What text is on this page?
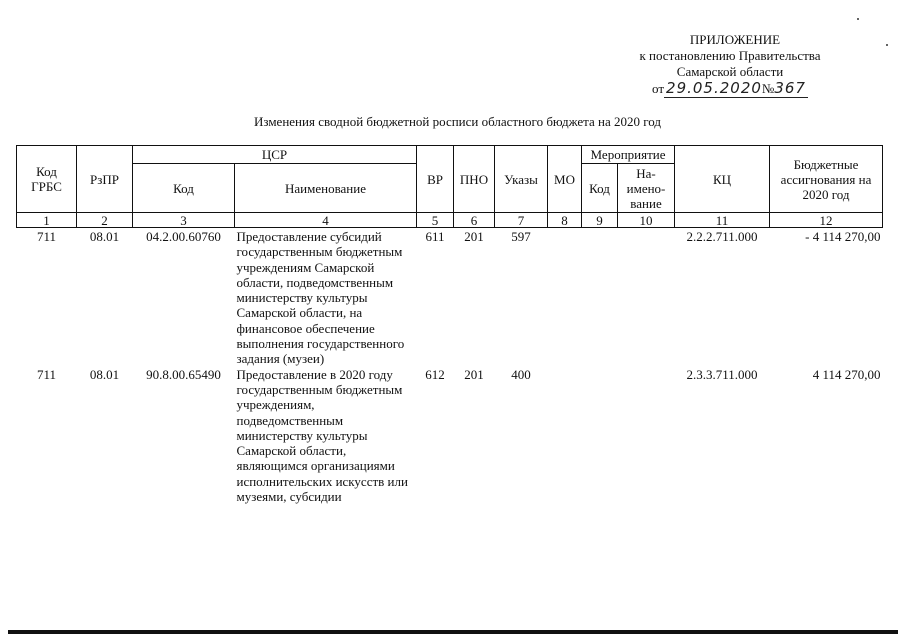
ПРИЛОЖЕНИЕ
к постановлению Правительства
Самарской области
от 29.05.2020№367
Изменения сводной бюджетной росписи областного бюджета на 2020 год
Код ГРБС	РзПР	ЦСР		ВР	ПНО	Указы	МО	Мероприятие		КЦ	Бюджетные ассигнования на 2020 год
		Код	Наименование					Код	На-имено-вание		
1	2	3	4	5	6	7	8	9	10	11	12
711	08.01	04.2.00.60760	Предоставление субсидий государственным бюджетным учреждениям Самарской области, подведомственным министерству культуры Самарской области, на финансовое обеспечение выполнения государственного задания (музеи)	611	201	597				2.2.2.711.000	- 4 114 270,00
711	08.01	90.8.00.65490	Предоставление в 2020 году государственным бюджетным учреждениям, подведомственным министерству культуры Самарской области, являющимся организациями исполнительских искусств или музеями, субсидии	612	201	400				2.3.3.711.000	4 114 270,00
